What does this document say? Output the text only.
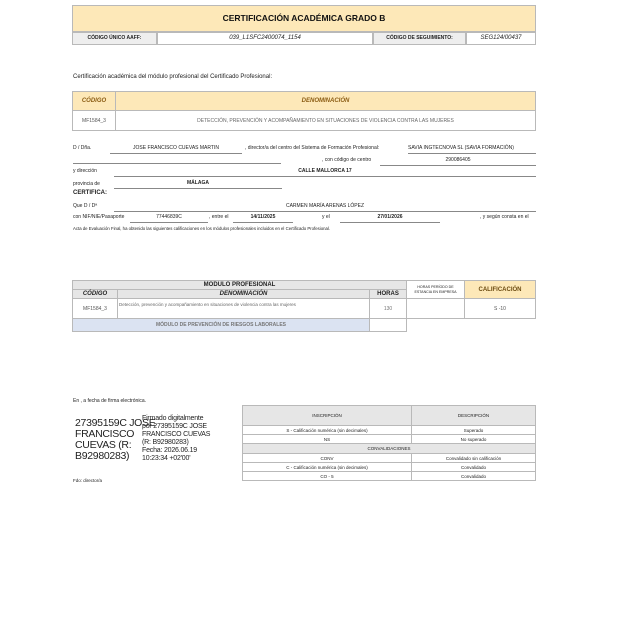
CERTIFICACIÓN ACADÉMICA GRADO B
CÓDIGO ÚNICO AAFF:	039_L1SFC2400074_1154	CÓDIGO DE SEGUIMIENTO:	SEG124/00437
Certificación académica del módulo profesional del Certificado Profesional:
CÓDIGO	DENOMINACIÓN
MF1584_3	DETECCIÓN, PREVENCIÓN Y ACOMPAÑAMIENTO EN SITUACIONES DE VIOLENCIA CONTRA LAS MUJERES
D / Dña.	JOSE FRANCISCO CUEVAS MARTIN	, director/a del centro del Sistema de Formación Profesional:	SAVIA INGTECNOVA SL (SAVIA FORMACIÓN)
, con código de centro	290086405
y dirección	CALLE MALLORCA 17
provincia de	MÁLAGA
CERTIFICA:
Que D / Dª	CARMEN MARÍA ARENAS LÓPEZ
con NIF/NIE/Pasaporte	77446839C	, entre el	14/11/2025	y el	27/01/2026	, y según consta en el
Acta de Evaluación Final, ha obtenido las siguientes calificaciones en los módulos profesionales incluidos en el Certificado Profesional.
MODULO PROFESIONAL			HORAS PERÍODO DE ESTANCIA EN EMPRESA	CALIFICACIÓN
CÓDIGO	DENOMINACIÓN	HORAS		
MF1584_3	Detección, prevención y acompañamiento en situaciones de violencia contra las mujeres	130		S -10
MÓDULO DE PREVENCIÓN DE RIESGOS LABORALES				
En , a fecha de firma electrónica.
27395159C JOSE
FRANCISCO
CUEVAS (R:
B92980283)
Firmado digitalmente
por 27395159C JOSE
FRANCISCO CUEVAS
(R: B92980283)
Fecha: 2026.06.19
10:23:34 +02'00'
Fdo: director/a
INSCRIPCIÓN	DESCRIPCIÓN
S - Calificación numérica (sin decimales)	Superado
NS	No superado
CONVALIDACIONES	
CONV	Convalidado sin calificación
C - Calificación numérica (sin decimales)	Convalidado
CO - 5	Convalidado
